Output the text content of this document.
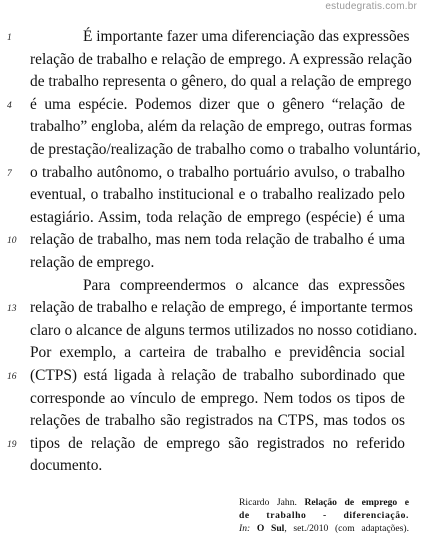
estudegratis.com.br
1	É importante fazer uma diferenciação das expressões
relação de trabalho e relação de emprego. A expressão relação
de trabalho representa o gênero, do qual a relação de emprego
4	é uma espécie. Podemos dizer que o gênero “relação de
trabalho” engloba, além da relação de emprego, outras formas
de prestação/realização de trabalho como o trabalho voluntário,
7	o trabalho autônomo, o trabalho portuário avulso, o trabalho
eventual, o trabalho institucional e o trabalho realizado pelo
estagiário. Assim, toda relação de emprego (espécie) é uma
10 relação de trabalho, mas nem toda relação de trabalho é uma
relação de emprego.
Para compreendermos o alcance das expressões
13 relação de trabalho e relação de emprego, é importante termos
claro o alcance de alguns termos utilizados no nosso cotidiano.
Por exemplo, a carteira de trabalho e previdência social
16 (CTPS) está ligada à relação de trabalho subordinado que
corresponde ao vínculo de emprego. Nem todos os tipos de
relações de trabalho são registrados na CTPS, mas todos os
19 tipos de relação de emprego são registrados no referido
documento.
Ricardo Jahn. Relação de emprego e
de trabalho - diferenciação.
In: O Sul, set./2010 (com adaptações).
